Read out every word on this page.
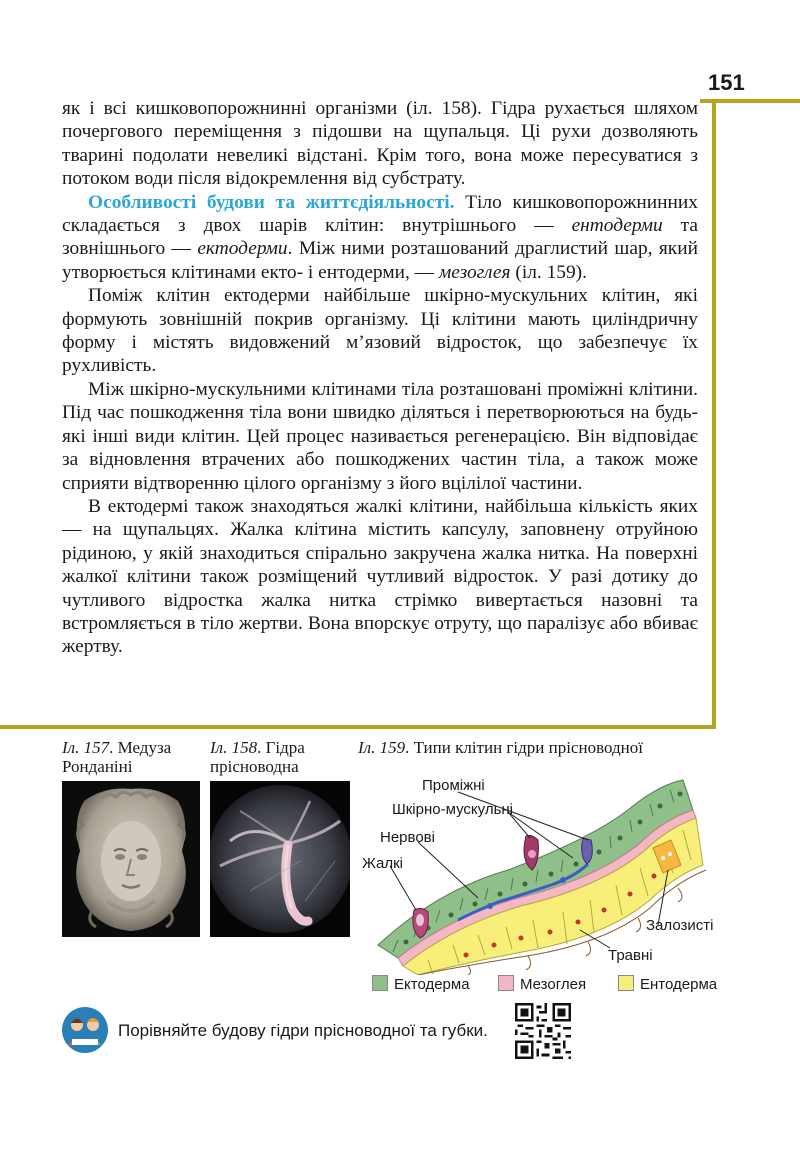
151

як і всі кишковопорожнинні організми (іл. 158). Гідра рухається шляхом почергового переміщення з підошви на щупальця. Ці рухи дозволяють тварині подолати невеликі відстані. Крім того, вона може пересуватися з потоком води після відокремлення від субстрату.

Особливості будови та життєдіяльності. Тіло кишковопорожнинних складається з двох шарів клітин: внутрішнього — ентодерми та зовнішнього — ектодерми. Між ними розташований драглистий шар, який утворюється клітинами екто- і ентодерми, — мезоглея (іл. 159).

Поміж клітин ектодерми найбільше шкірно-мускульних клітин, які формують зовнішній покрив організму. Ці клітини мають циліндричну форму і містять видовжений м’язовий відросток, що забезпечує їх рухливість.

Між шкірно-мускульними клітинами тіла розташовані проміжні клітини. Під час пошкодження тіла вони швидко діляться і перетворюються на будь-які інші види клітин. Цей процес називається регенерацією. Він відповідає за відновлення втрачених або пошкоджених частин тіла, а також може сприяти відтворенню цілого організму з його вцілілої частини.

В ектодермі також знаходяться жалкі клітини, найбільша кількість яких — на щупальцях. Жалка клітина містить капсулу, заповнену отруйною рідиною, у якій знаходиться спірально закручена жалка нитка. На поверхні жалкої клітини також розміщений чутливий відросток. У разі дотику до чутливого відростка жалка нитка стрімко вивертається назовні та встромляється в тіло жертви. Вона впорскує отруту, що паралізує або вбиває жертву.

Іл. 157. Медуза
Ронданіні
Іл. 158. Гідра
прісноводна
Іл. 159. Типи клітин гідри прісноводної
Проміжні
Шкірно-мускульні
Нервові
Жалкі
Залозисті
Травні
Ектодерма	Мезоглея	Ентодерма
Порівняйте будову гідри прісноводної та губки.
